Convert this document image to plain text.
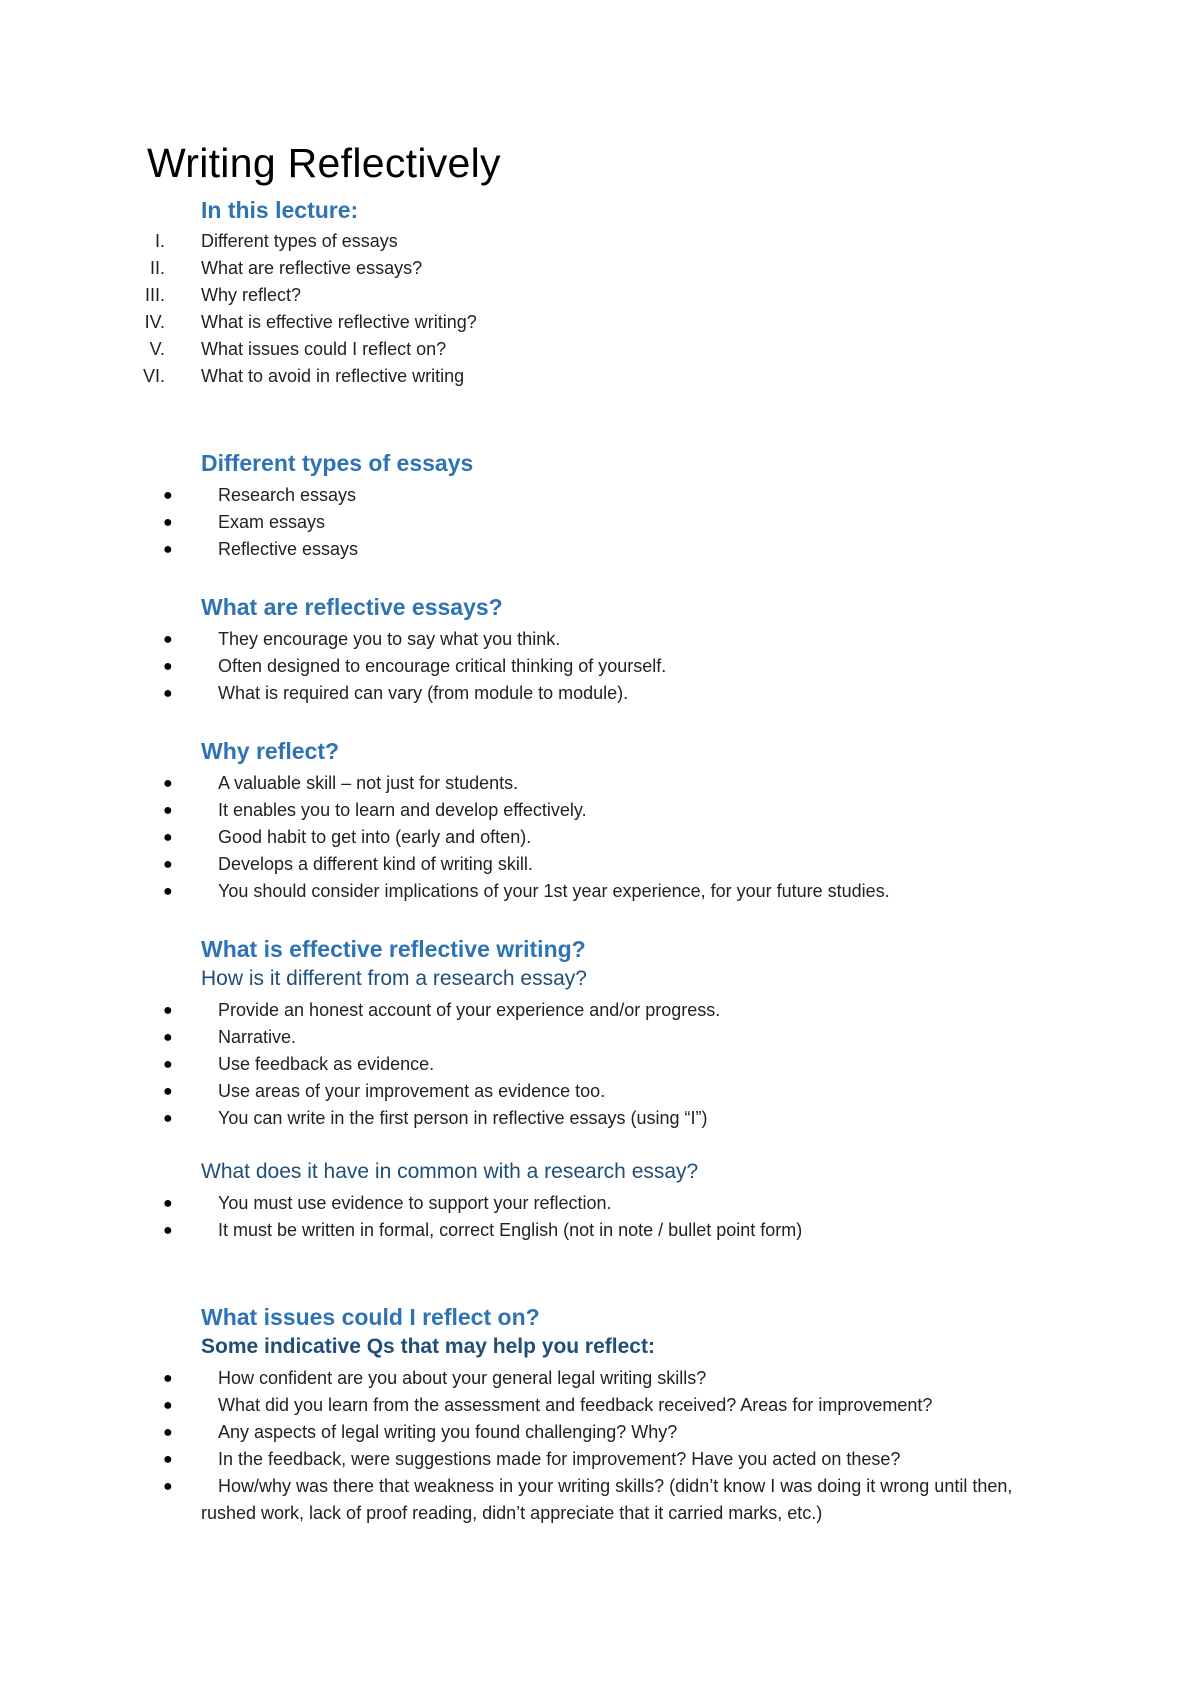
Writing Reflectively
In this lecture:
I. Different types of essays
II. What are reflective essays?
III. Why reflect?
IV. What is effective reflective writing?
V. What issues could I reflect on?
VI. What to avoid in reflective writing
Different types of essays
●	Research essays
●	Exam essays
●	Reflective essays
What are reflective essays?
●	They encourage you to say what you think.
●	Often designed to encourage critical thinking of yourself.
●	What is required can vary (from module to module).
Why reflect?
●	A valuable skill – not just for students.
●	It enables you to learn and develop effectively.
●	Good habit to get into (early and often).
●	Develops a different kind of writing skill.
●	You should consider implications of your 1st year experience, for your future studies.
What is effective reflective writing?
How is it different from a research essay?
●	Provide an honest account of your experience and/or progress.
●	Narrative.
●	Use feedback as evidence.
●	Use areas of your improvement as evidence too.
●	You can write in the first person in reflective essays (using “I”)
What does it have in common with a research essay?
●	You must use evidence to support your reflection.
●	It must be written in formal, correct English (not in note / bullet point form)
What issues could I reflect on?
Some indicative Qs that may help you reflect:
●	How confident are you about your general legal writing skills?
●	What did you learn from the assessment and feedback received? Areas for improvement?
●	Any aspects of legal writing you found challenging? Why?
●	In the feedback, were suggestions made for improvement? Have you acted on these?
●	How/why was there that weakness in your writing skills? (didn’t know I was doing it wrong until then, rushed work, lack of proof reading, didn’t appreciate that it carried marks, etc.)
